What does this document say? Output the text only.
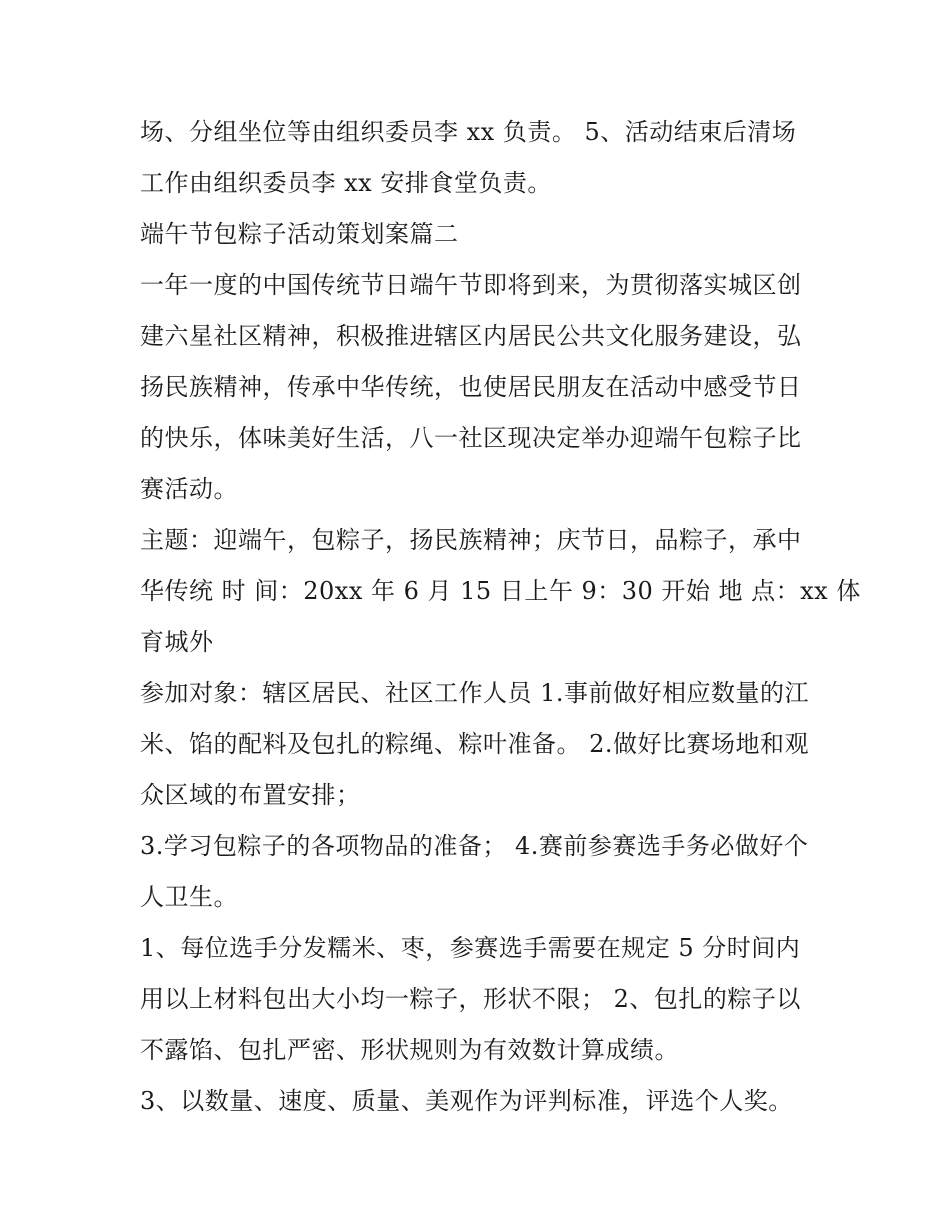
场、分组坐位等由组织委员李 xx 负责。 5、活动结束后清场
工作由组织委员李 xx 安排食堂负责。
端午节包粽子活动策划案篇二
一年一度的中国传统节日端午节即将到来，为贯彻落实城区创
建六星社区精神，积极推进辖区内居民公共文化服务建设，弘
扬民族精神，传承中华传统，也使居民朋友在活动中感受节日
的快乐，体味美好生活，八一社区现决定举办迎端午包粽子比
赛活动。
主题：迎端午，包粽子，扬民族精神；庆节日，品粽子，承中
华传统 时 间：20xx 年 6 月 15 日上午 9：30 开始 地 点：xx 体
育城外
参加对象：辖区居民、社区工作人员 1.事前做好相应数量的江
米、馅的配料及包扎的粽绳、粽叶准备。 2.做好比赛场地和观
众区域的布置安排；
3.学习包粽子的各项物品的准备； 4.赛前参赛选手务必做好个
人卫生。
1、每位选手分发糯米、枣，参赛选手需要在规定 5 分时间内
用以上材料包出大小均一粽子，形状不限； 2、包扎的粽子以
不露馅、包扎严密、形状规则为有效数计算成绩。
3、以数量、速度、质量、美观作为评判标准，评选个人奖。
